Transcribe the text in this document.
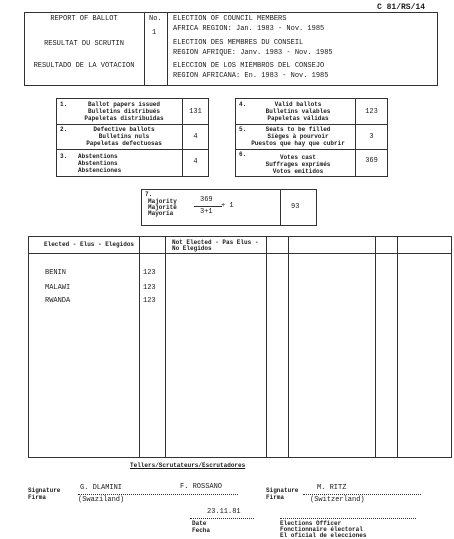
C 81/RS/14
REPORT OF BALLOT
RESULTAT DU SCRUTIN
RESULTADO DE LA VOTACION
No.
1
ELECTION OF COUNCIL MEMBERS
AFRICA REGION: Jan. 1983 - Nov. 1985
ELECTION DES MEMBRES DU CONSEIL
REGION AFRIQUE: Janv. 1983 - Nov. 1985
ELECCION DE LOS MIEMBROS DEL CONSEJO
REGION AFRICANA: En. 1983 - Nov. 1985
1.	Ballot papers issued
Bulletins distribués
Papeletas distribuidas
131
2.	Defective ballots
Bulletins nuls
Papeletas defectuosas
4
3. Abstentions
Abstentions
Abstenciones
4
4.	Valid ballots
Bulletins valables
Papeletas válidas
123
5.	Seats to be filled
Sièges à pourvoir
Puestos que hay que cubrir
3
6.	Votes cast
Suffrages exprimés
Votos emitidos
369
7.
Majority
Majorité
Mayoría
369
3+1
+ 1	93
Elected - Elus - Elegidos	Not Elected - Pas Elus -
No Elegidos
BENIN	123
MALAWI	123
RWANDA	123
Tellers/Scrutateurs/Escrutadores
Signature
Firma
G. DLAMINI
(Swaziland)
F. ROSSANO	Signature
Firma
M. RITZ
(Switzerland)
23.11.81
Date
Fecha
Elections Officer
Fonctionnaire électoral
El oficial de elecciones
